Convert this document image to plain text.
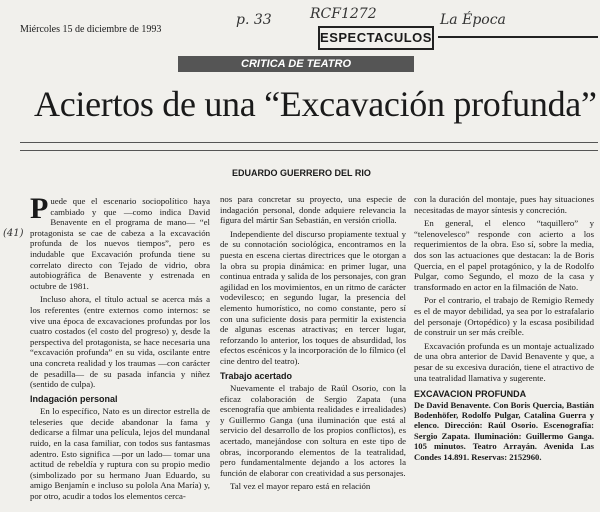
Miércoles 15 de diciembre de 1993
p. 33	RCF1272	La Época
(41)
ESPECTACULOS
CRITICA DE TEATRO
Aciertos de una “Excavación profunda”
EDUARDO GUERRERO DEL RIO

Puede que el escenario sociopolítico haya cambiado y que —como indica David Benavente en el programa de mano— “el protagonista se cae de cabeza a la excavación profunda de los nuevos tiempos”, pero es indudable que Excavación profunda tiene su correlato directo con Tejado de vidrio, obra autobiográfica de Benavente y estrenada en octubre de 1981.

Incluso ahora, el título actual se acerca más a los referentes (entre externos como internos: se vive una época de excavaciones profundas por los cuatro costados (el costo del progreso) y, desde la perspectiva del protagonista, se hace necesaria una “excavación profunda” en su vida, oscilante entre una concreta realidad y los traumas —con carácter de pesadilla— de su pasada infancia y niñez (sentido de culpa).

Indagación personal

En lo específico, Nato es un director estrella de teleseries que decide abandonar la fama y dedicarse a filmar una película, lejos del mundanal ruido, en la casa familiar, con todos sus fantasmas adentro. Esto significa —por un lado— tomar una actitud de rebeldía y ruptura con su propio medio (simbolizado por su hermano Juan Eduardo, su amigo Benjamín e incluso su polola Ana María) y, por otro, acudir a todos los elementos cerca-

nos para concretar su proyecto, una especie de indagación personal, donde adquiere relevancia la figura del mártir San Sebastián, en versión criolla.

Independiente del discurso propiamente textual y de su connotación sociológica, encontramos en la puesta en escena ciertas directrices que le otorgan a la obra su propia dinámica: en primer lugar, una continua entrada y salida de los personajes, con gran agilidad en los movimientos, en un ritmo de carácter vodevilesco; en segundo lugar, la presencia del elemento humorístico, no como constante, pero sí con una suficiente dosis para permitir la existencia de algunas escenas atractivas; en tercer lugar, reforzando lo anterior, los toques de absurdidad, los efectos escénicos y la incorporación de lo fílmico (el cine dentro del teatro).

Trabajo acertado

Nuevamente el trabajo de Raúl Osorio, con la eficaz colaboración de Sergio Zapata (una escenografía que ambienta realidades e irrealidades) y Guillermo Ganga (una iluminación que está al servicio del desarrollo de los propios conflictos), es acertado, manejándose con soltura en este tipo de obras, incorporando elementos de la teatralidad, pero fundamentalmente dejando a los actores la función de elaborar con creatividad a sus personajes.

Tal vez el mayor reparo está en relación

con la duración del montaje, pues hay situaciones necesitadas de mayor síntesis y concreción.

En general, el elenco “taquillero” y “telenovelesco” responde con acierto a los requerimientos de la obra. Eso sí, sobre la media, dos son las actuaciones que destacan: la de Boris Quercia, en el papel protagónico, y la de Rodolfo Pulgar, como Segundo, el mozo de la casa y transformado en actor en la filmación de Nato.

Por el contrario, el trabajo de Remigio Remedy es el de mayor debilidad, ya sea por lo estrafalario del personaje (Ortopédico) y la escasa posibilidad de construir un ser más creíble.

Excavación profunda es un montaje actualizado de una obra anterior de David Benavente y que, a pesar de su excesiva duración, tiene el atractivo de una teatralidad llamativa y sugerente.

EXCAVACION PROFUNDA
De David Benavente. Con Boris Quercia, Bastián Bodenhöfer, Rodolfo Pulgar, Catalina Guerra y elenco. Dirección: Raúl Osorio. Escenografía: Sergio Zapata. Iluminación: Guillermo Ganga. 105 minutos. Teatro Arrayán. Avenida Las Condes 14.891. Reservas: 2152960.
